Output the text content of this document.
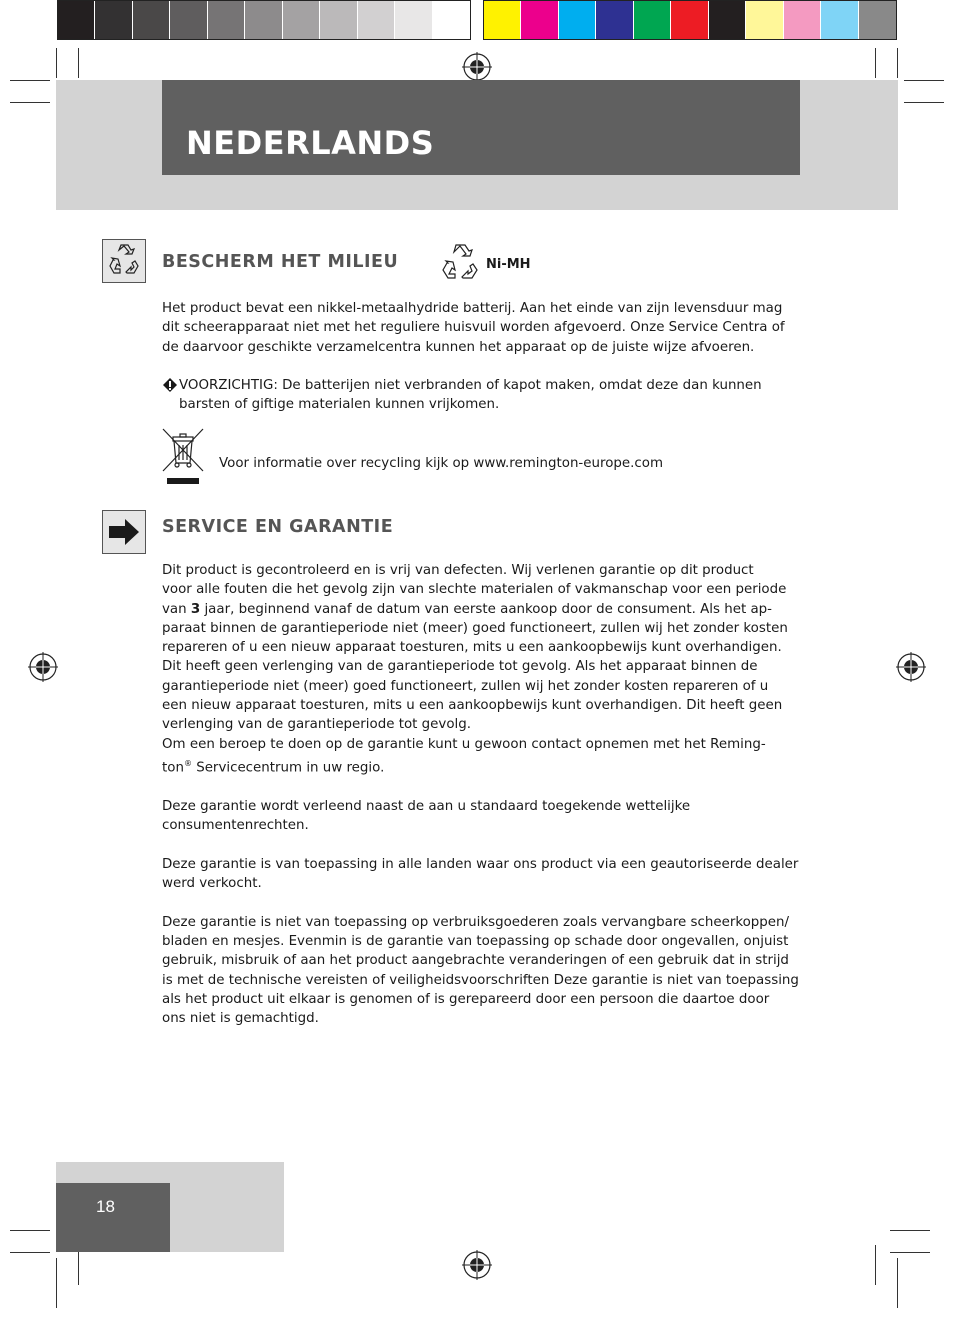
NEDERLANDS
BESCHERM HET MILIEU	Ni-MH

Het product bevat een nikkel-metaalhydride batterij. Aan het einde van zijn levensduur mag

dit scheerapparaat niet met het reguliere huisvuil worden afgevoerd. Onze Service Centra of

de daarvoor geschikte verzamelcentra kunnen het apparaat op de juiste wijze afvoeren.

VOORZICHTIG: De batterijen niet verbranden of kapot maken, omdat deze dan kunnen

barsten of giftige materialen kunnen vrijkomen.

Voor informatie over recycling kijk op www.remington-europe.com
SERVICE EN GARANTIE

Dit product is gecontroleerd en is vrij van defecten. Wij verlenen garantie op dit product

voor alle fouten die het gevolg zijn van slechte materialen of vakmanschap voor een periode

van 3 jaar, beginnend vanaf de datum van eerste aankoop door de consument. Als het ap-

paraat binnen de garantieperiode niet (meer) goed functioneert, zullen wij het zonder kosten

repareren of u een nieuw apparaat toesturen, mits u een aankoopbewijs kunt overhandigen.

Dit heeft geen verlenging van de garantieperiode tot gevolg. Als het apparaat binnen de

garantieperiode niet (meer) goed functioneert, zullen wij het zonder kosten repareren of u

een nieuw apparaat toesturen, mits u een aankoopbewijs kunt overhandigen. Dit heeft geen

verlenging van de garantieperiode tot gevolg.

Om een beroep te doen op de garantie kunt u gewoon contact opnemen met het Reming-

ton® Servicecentrum in uw regio.

Deze garantie wordt verleend naast de aan u standaard toegekende wettelijke

consumentenrechten.

Deze garantie is van toepassing in alle landen waar ons product via een geautoriseerde dealer

werd verkocht.

Deze garantie is niet van toepassing op verbruiksgoederen zoals vervangbare scheerkoppen/

bladen en mesjes. Evenmin is de garantie van toepassing op schade door ongevallen, onjuist

gebruik, misbruik of aan het product aangebrachte veranderingen of een gebruik dat in strijd

is met de technische vereisten of veiligheidsvoorschriften Deze garantie is niet van toepassing

als het product uit elkaar is genomen of is gerepareerd door een persoon die daartoe door

ons niet is gemachtigd.

18
